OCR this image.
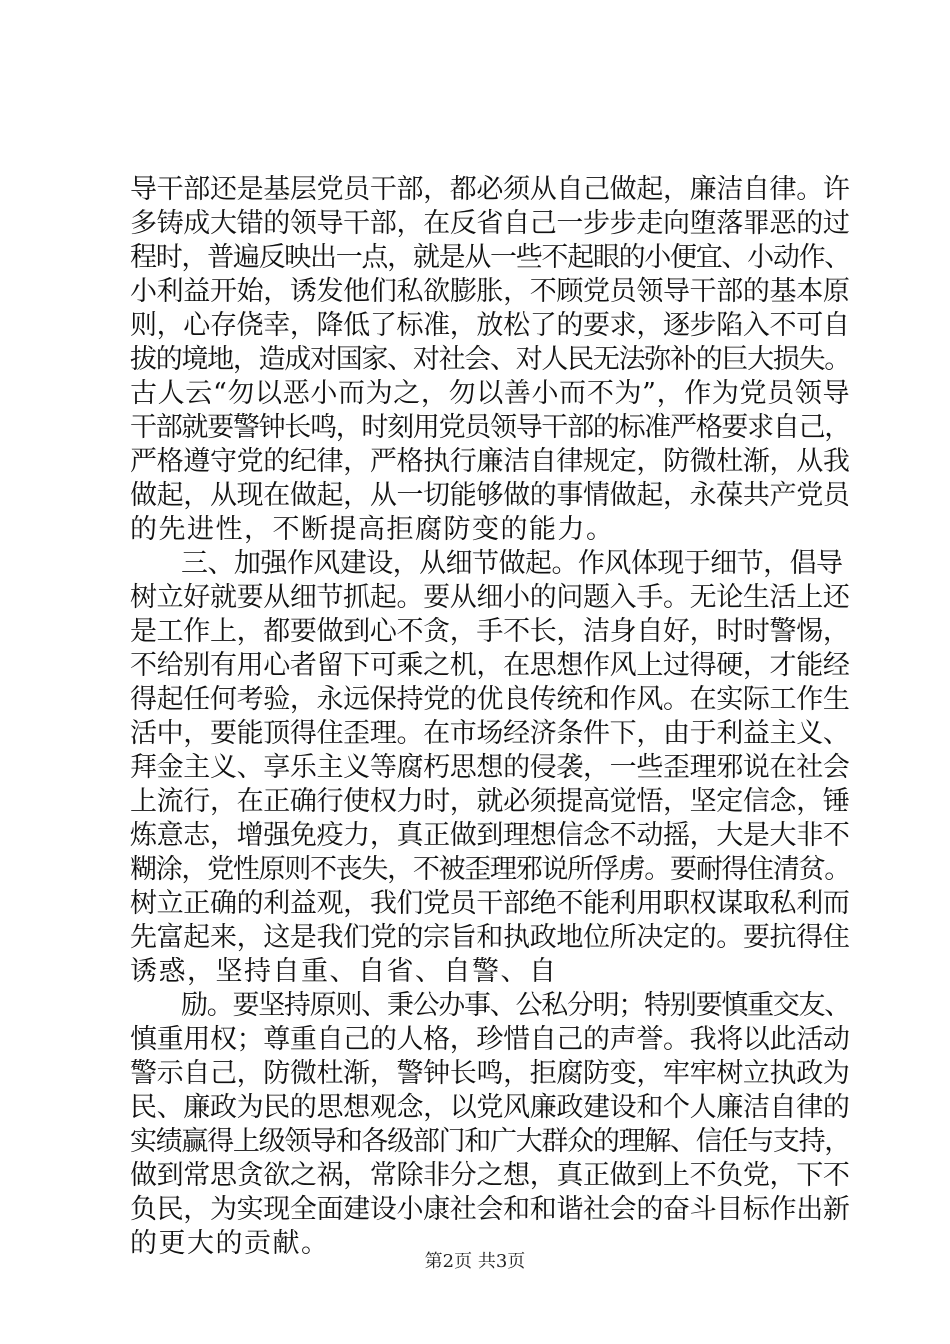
导干部还是基层党员干部，都必须从自己做起，廉洁自律。许
多铸成大错的领导干部，在反省自己一步步走向堕落罪恶的过
程时，普遍反映出一点，就是从一些不起眼的小便宜、小动作、
小利益开始，诱发他们私欲膨胀，不顾党员领导干部的基本原
则，心存侥幸，降低了标准，放松了的要求，逐步陷入不可自
拔的境地，造成对国家、对社会、对人民无法弥补的巨大损失。
古人云“勿以恶小而为之，勿以善小而不为”，作为党员领导
干部就要警钟长鸣，时刻用党员领导干部的标准严格要求自己，
严格遵守党的纪律，严格执行廉洁自律规定，防微杜渐，从我
做起，从现在做起，从一切能够做的事情做起，永葆共产党员
的先进性，不断提高拒腐防变的能力。
三、加强作风建设，从细节做起。作风体现于细节，倡导
树立好就要从细节抓起。要从细小的问题入手。无论生活上还
是工作上，都要做到心不贪，手不长，洁身自好，时时警惕，
不给别有用心者留下可乘之机，在思想作风上过得硬，才能经
得起任何考验，永远保持党的优良传统和作风。在实际工作生
活中，要能顶得住歪理。在市场经济条件下，由于利益主义、
拜金主义、享乐主义等腐朽思想的侵袭，一些歪理邪说在社会
上流行，在正确行使权力时，就必须提高觉悟，坚定信念，锤
炼意志，增强免疫力，真正做到理想信念不动摇，大是大非不
糊涂，党性原则不丧失，不被歪理邪说所俘虏。要耐得住清贫。
树立正确的利益观，我们党员干部绝不能利用职权谋取私利而
先富起来，这是我们党的宗旨和执政地位所决定的。要抗得住
诱惑，坚持自重、自省、自警、自
励。要坚持原则、秉公办事、公私分明；特别要慎重交友、
慎重用权；尊重自己的人格，珍惜自己的声誉。我将以此活动
警示自己，防微杜渐，警钟长鸣，拒腐防变，牢牢树立执政为
民、廉政为民的思想观念，以党风廉政建设和个人廉洁自律的
实绩赢得上级领导和各级部门和广大群众的理解、信任与支持，
做到常思贪欲之祸，常除非分之想，真正做到上不负党，下不
负民，为实现全面建设小康社会和和谐社会的奋斗目标作出新
的更大的贡献。
第2页 共3页
